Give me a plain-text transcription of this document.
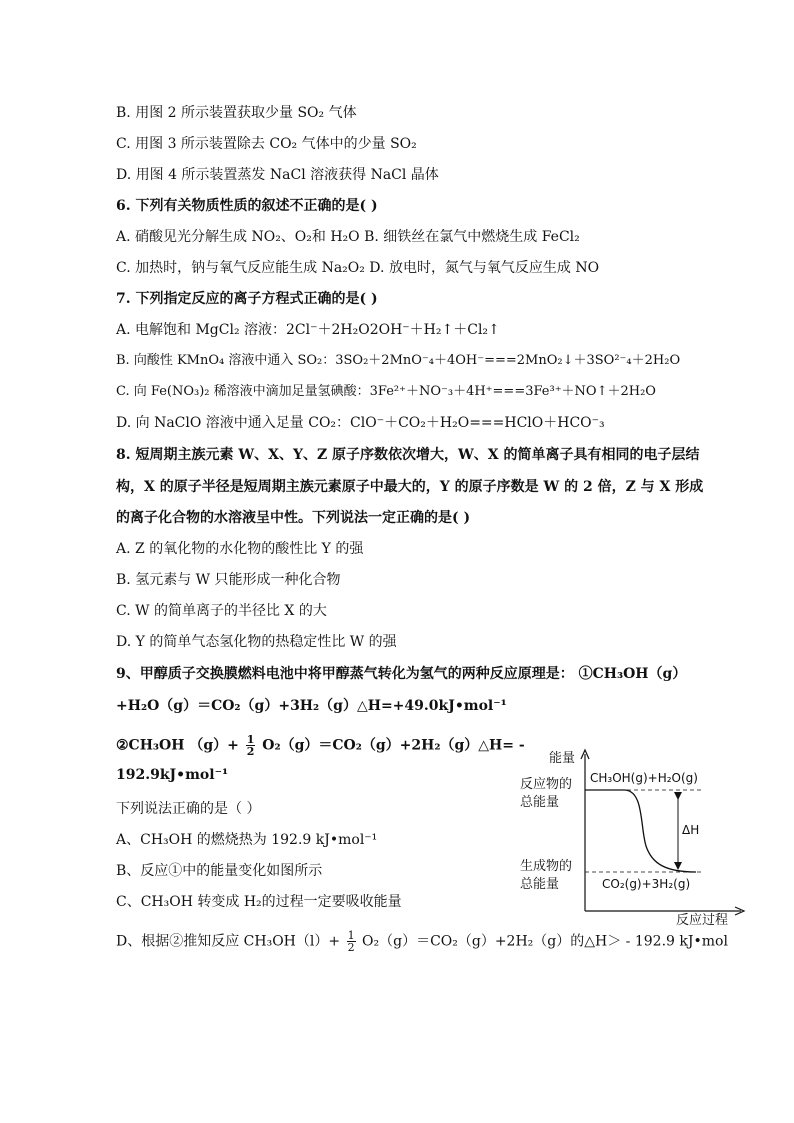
B. 用图 2 所示装置获取少量 SO₂ 气体
C. 用图 3 所示装置除去 CO₂ 气体中的少量 SO₂
D. 用图 4 所示装置蒸发 NaCl 溶液获得 NaCl 晶体
6. 下列有关物质性质的叙述不正确的是( )
A. 硝酸见光分解生成 NO₂、O₂和 H₂O B. 细铁丝在氯气中燃烧生成 FeCl₂
C. 加热时，钠与氧气反应能生成 Na₂O₂ D. 放电时，氮气与氧气反应生成 NO
7. 下列指定反应的离子方程式正确的是( )
A. 电解饱和 MgCl₂ 溶液：2Cl⁻＋2H₂O2OH⁻＋H₂↑＋Cl₂↑
B. 向酸性 KMnO₄ 溶液中通入 SO₂：3SO₂＋2MnO⁻₄＋4OH⁻===2MnO₂↓＋3SO²⁻₄＋2H₂O
C. 向 Fe(NO₃)₂ 稀溶液中滴加足量氢碘酸：3Fe²⁺＋NO⁻₃＋4H⁺===3Fe³⁺＋NO↑＋2H₂O
D. 向 NaClO 溶液中通入足量 CO₂：ClO⁻＋CO₂＋H₂O===HClO＋HCO⁻₃
8. 短周期主族元素 W、X、Y、Z 原子序数依次增大，W、X 的简单离子具有相同的电子层结
构，X 的原子半径是短周期主族元素原子中最大的，Y 的原子序数是 W 的 2 倍，Z 与 X 形成
的离子化合物的水溶液呈中性。下列说法一定正确的是( )
A. Z 的氧化物的水化物的酸性比 Y 的强
B. 氢元素与 W 只能形成一种化合物
C. W 的简单离子的半径比 X 的大
D. Y 的简单气态氢化物的热稳定性比 W 的强
9、甲醇质子交换膜燃料电池中将甲醇蒸气转化为氢气的两种反应原理是： ①CH₃OH（g）
+H₂O（g）＝CO₂（g）+3H₂（g）△H=+49.0kJ•mol⁻¹
②CH₃OH $(g)+ \frac{1}{2}$ O₂（g）＝CO₂（g）+2H₂（g）△H= -
192.9kJ•mol⁻¹
下列说法正确的是（ ）
A、CH₃OH 的燃烧热为 192.9 kJ•mol⁻¹
B、反应①中的能量变化如图所示
C、CH₃OH 转变成 H₂的过程一定要吸收能量
D、根据②推知反应 $CH_3OH(l)+ \frac{1}{2} O_2(g)=CO_2(g)+2H_2(g)$的△H＞ - 192.9 kJ•mol
能量
反应过程
反应物的
总能量
生成物的
总能量
CH₃OH(g)+H₂O(g)
CO₂(g)+3H₂(g)
ΔH
